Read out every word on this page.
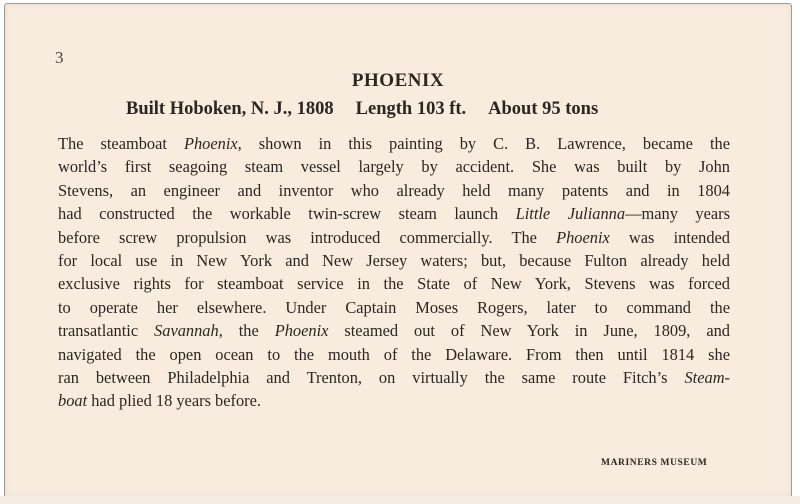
3
PHOENIX
Built Hoboken, N. J., 1808 Length 103 ft. About 95 tons
The steamboat Phoenix, shown in this painting by C. B. Lawrence, became the
world’s first seagoing steam vessel largely by accident. She was built by John
Stevens, an engineer and inventor who already held many patents and in 1804
had constructed the workable twin-screw steam launch Little Julianna—many years
before screw propulsion was introduced commercially. The Phoenix was intended
for local use in New York and New Jersey waters; but, because Fulton already held
exclusive rights for steamboat service in the State of New York, Stevens was forced
to operate her elsewhere. Under Captain Moses Rogers, later to command the
transatlantic Savannah, the Phoenix steamed out of New York in June, 1809, and
navigated the open ocean to the mouth of the Delaware. From then until 1814 she
ran between Philadelphia and Trenton, on virtually the same route Fitch’s Steam-
boat had plied 18 years before.
MARINERS MUSEUM
